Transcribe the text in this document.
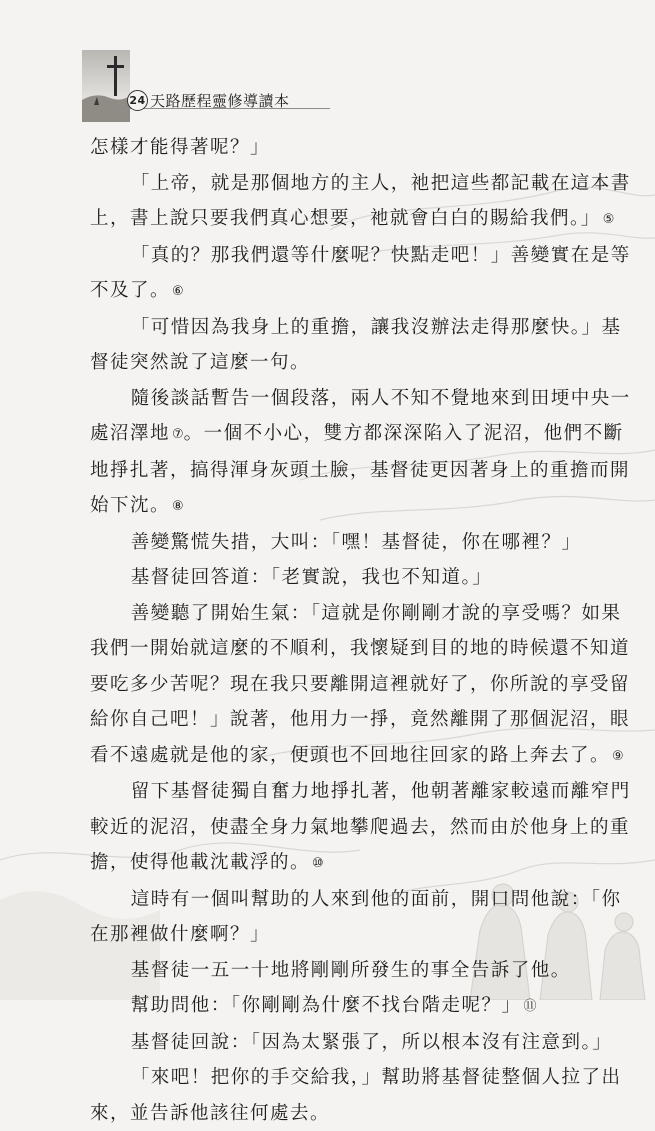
24 天路歷程靈修導讀本

怎樣才能得著呢？」

「上帝，就是那個地方的主人，祂把這些都記載在這本書上，書上說只要我們真心想要，祂就會白白的賜給我們。」 ⑤

「真的？那我們還等什麼呢？快點走吧！」善變實在是等不及了。 ⑥

「可惜因為我身上的重擔，讓我沒辦法走得那麼快。」基督徒突然說了這麼一句。

隨後談話暫告一個段落，兩人不知不覺地來到田埂中央一處沼澤地 ⑦。一個不小心，雙方都深深陷入了泥沼，他們不斷地掙扎著，搞得渾身灰頭土臉，基督徒更因著身上的重擔而開始下沈。 ⑧

善變驚慌失措，大叫：「嘿！基督徒，你在哪裡？」

基督徒回答道：「老實說，我也不知道。」

善變聽了開始生氣：「這就是你剛剛才說的享受嗎？如果我們一開始就這麼的不順利，我懷疑到目的地的時候還不知道要吃多少苦呢？現在我只要離開這裡就好了，你所說的享受留給你自己吧！」說著，他用力一掙，竟然離開了那個泥沼，眼看不遠處就是他的家，便頭也不回地往回家的路上奔去了。 ⑨

留下基督徒獨自奮力地掙扎著，他朝著離家較遠而離窄門較近的泥沼，使盡全身力氣地攀爬過去，然而由於他身上的重擔，使得他載沈載浮的。 ⑩

這時有一個叫幫助的人來到他的面前，開口問他說：「你在那裡做什麼啊？」

基督徒一五一十地將剛剛所發生的事全告訴了他。

幫助問他：「你剛剛為什麼不找台階走呢？」 ⑪

基督徒回說：「因為太緊張了，所以根本沒有注意到。」

「來吧！把你的手交給我，」幫助將基督徒整個人拉了出來，並告訴他該往何處去。
